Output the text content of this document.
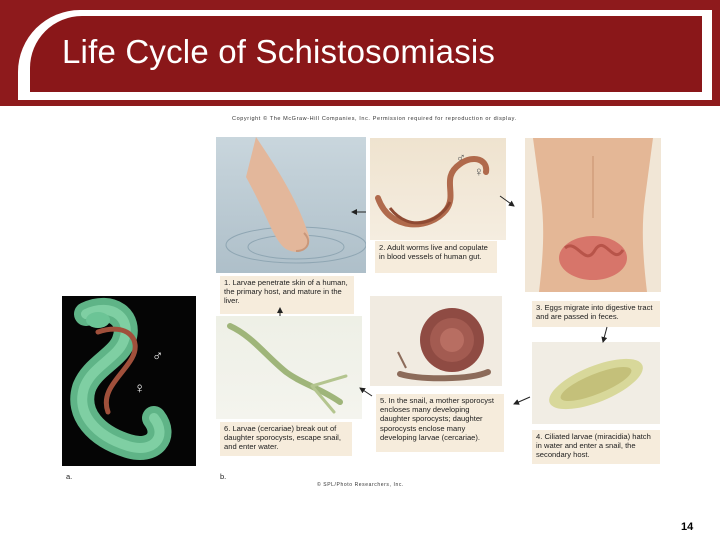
Life Cycle of Schistosomiasis
Copyright © The McGraw-Hill Companies, Inc. Permission required for reproduction or display.
♂
♀
a.
1. Larvae penetrate skin of a human, the primary host, and mature in the liver.
♂
♀
2. Adult worms live and copulate in blood vessels of human gut.
3. Eggs migrate into digestive tract and are passed in feces.
6. Larvae (cercariae) break out of daughter sporocysts, escape snail, and enter water.
5. In the snail, a mother sporocyst encloses many developing daughter sporocysts; daughter sporocysts enclose many developing larvae (cercariae).	4. Ciliated larvae (miracidia) hatch in water and enter a snail, the secondary host.
b.
© SPL/Photo Researchers, Inc.
14
